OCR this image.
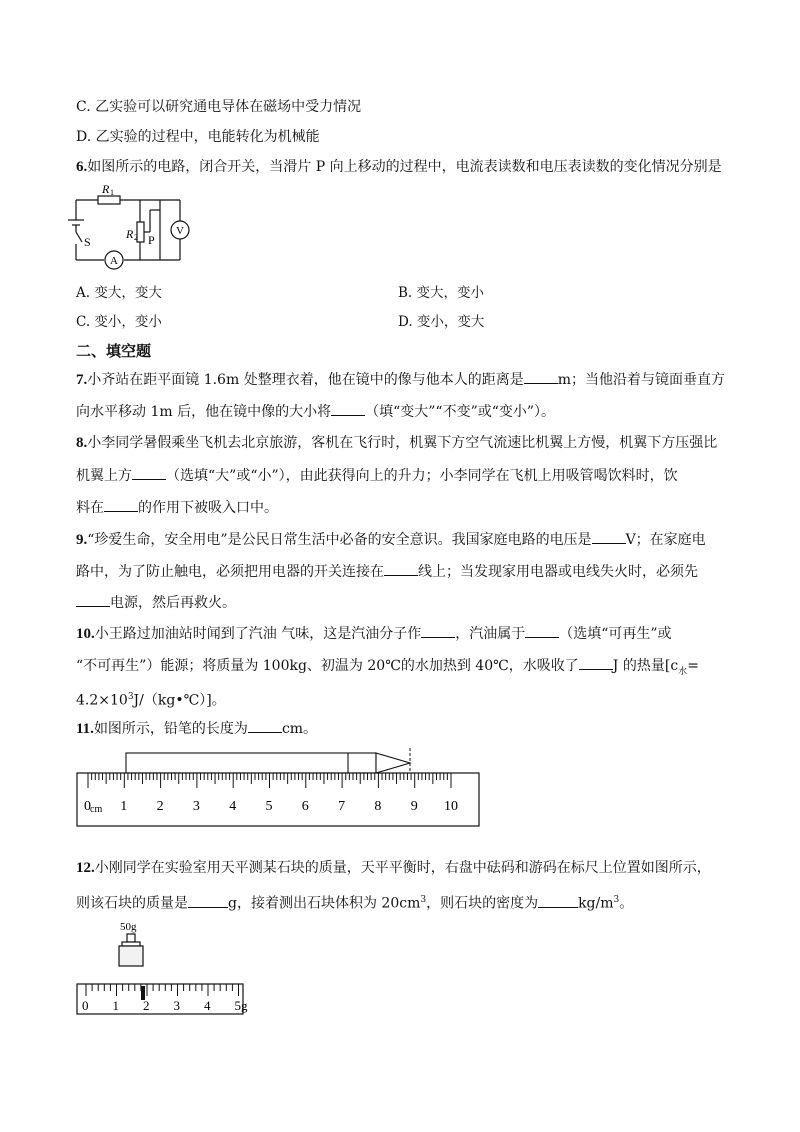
C. 乙实验可以研究通电导体在磁场中受力情况
D. 乙实验的过程中，电能转化为机械能
6.如图所示的电路，闭合开关，当滑片 P 向上移动的过程中，电流表读数和电压表读数的变化情况分别是
A
V
R 1
R 2 P
S
A. 变大，变大	B. 变大，变小
C. 变小，变小	D. 变小，变大
二、填空题
7.小齐站在距平面镜 1.6m 处整理衣着，他在镜中的像与他本人的距离是 m；当他沿着与镜面垂直方
向水平移动 1m 后，他在镜中像的大小将 （填“变大”“不变”或“变小”）。
8.小李同学暑假乘坐飞机去北京旅游，客机在飞行时，机翼下方空气流速比机翼上方慢，机翼下方压强比
机翼上方 （选填“大”或“小”），由此获得向上的升力；小李同学在飞机上用吸管喝饮料时，饮
料在 的作用下被吸入口中。
9.“珍爱生命，安全用电”是公民日常生活中必备的安全意识。我国家庭电路的电压是 V；在家庭电
路中，为了防止触电，必须把用电器的开关连接在 线上；当发现家用电器或电线失火时，必须先
电源，然后再救火。
10.小王路过加油站时闻到了汽油 气味，这是汽油分子作 ，汽油属于 （选填“可再生”或
“不可再生”）能源；将质量为 100kg、初温为 20℃的水加热到 40℃，水吸收了 J 的热量[$c_水=$
$4.2\times 10^3J/(kg•℃)$]。
11.如图所示，铅笔的长度为 cm。
0 1 2 3 4 5 6 7 8 9 10
cm
12.小刚同学在实验室用天平测某石块的质量，天平平衡时，右盘中砝码和游码在标尺上位置如图所示，
则该石块的质量是	g，接着测出石块体积为 $20cm^3$，则石块的密度为	$kg/m^3$。
50g
0 1 2 3 4 5g
